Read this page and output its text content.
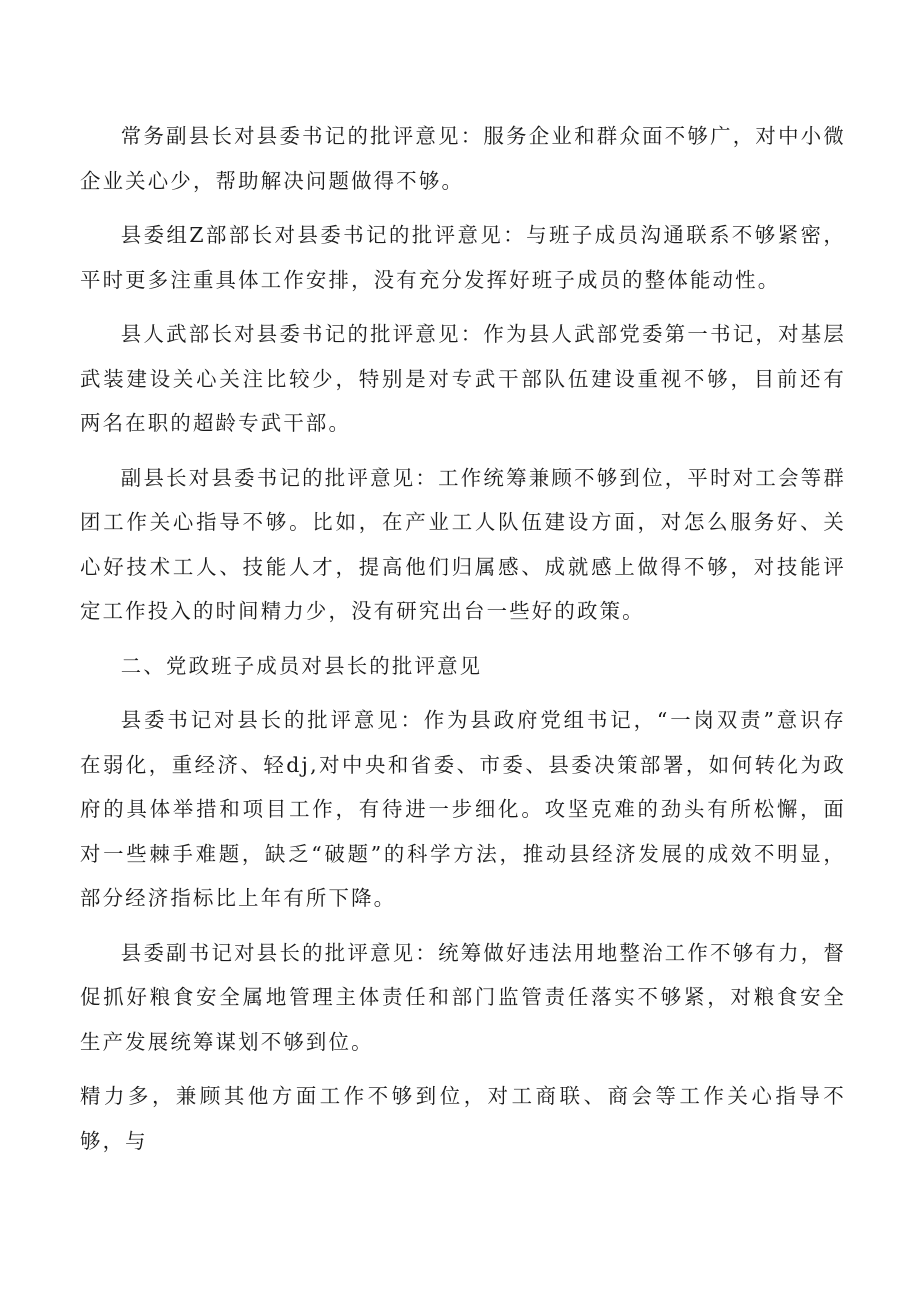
常务副县长对县委书记的批评意见：服务企业和群众面不够广，对中小微企业关心少，帮助解决问题做得不够。

县委组Z部部长对县委书记的批评意见：与班子成员沟通联系不够紧密，平时更多注重具体工作安排，没有充分发挥好班子成员的整体能动性。

县人武部长对县委书记的批评意见：作为县人武部党委第一书记，对基层武装建设关心关注比较少，特别是对专武干部队伍建设重视不够，目前还有两名在职的超龄专武干部。

副县长对县委书记的批评意见：工作统筹兼顾不够到位，平时对工会等群团工作关心指导不够。比如，在产业工人队伍建设方面，对怎么服务好、关心好技术工人、技能人才，提高他们归属感、成就感上做得不够，对技能评定工作投入的时间精力少，没有研究出台一些好的政策。

二、党政班子成员对县长的批评意见

县委书记对县长的批评意见：作为县政府党组书记，“一岗双责”意识存在弱化，重经济、轻dj,对中央和省委、市委、县委决策部署，如何转化为政府的具体举措和项目工作，有待进一步细化。攻坚克难的劲头有所松懈，面对一些棘手难题，缺乏“破题”的科学方法，推动县经济发展的成效不明显，部分经济指标比上年有所下降。

县委副书记对县长的批评意见：统筹做好违法用地整治工作不够有力，督促抓好粮食安全属地管理主体责任和部门监管责任落实不够紧，对粮食安全生产发展统筹谋划不够到位。

精力多，兼顾其他方面工作不够到位，对工商联、商会等工作关心指导不够，与
